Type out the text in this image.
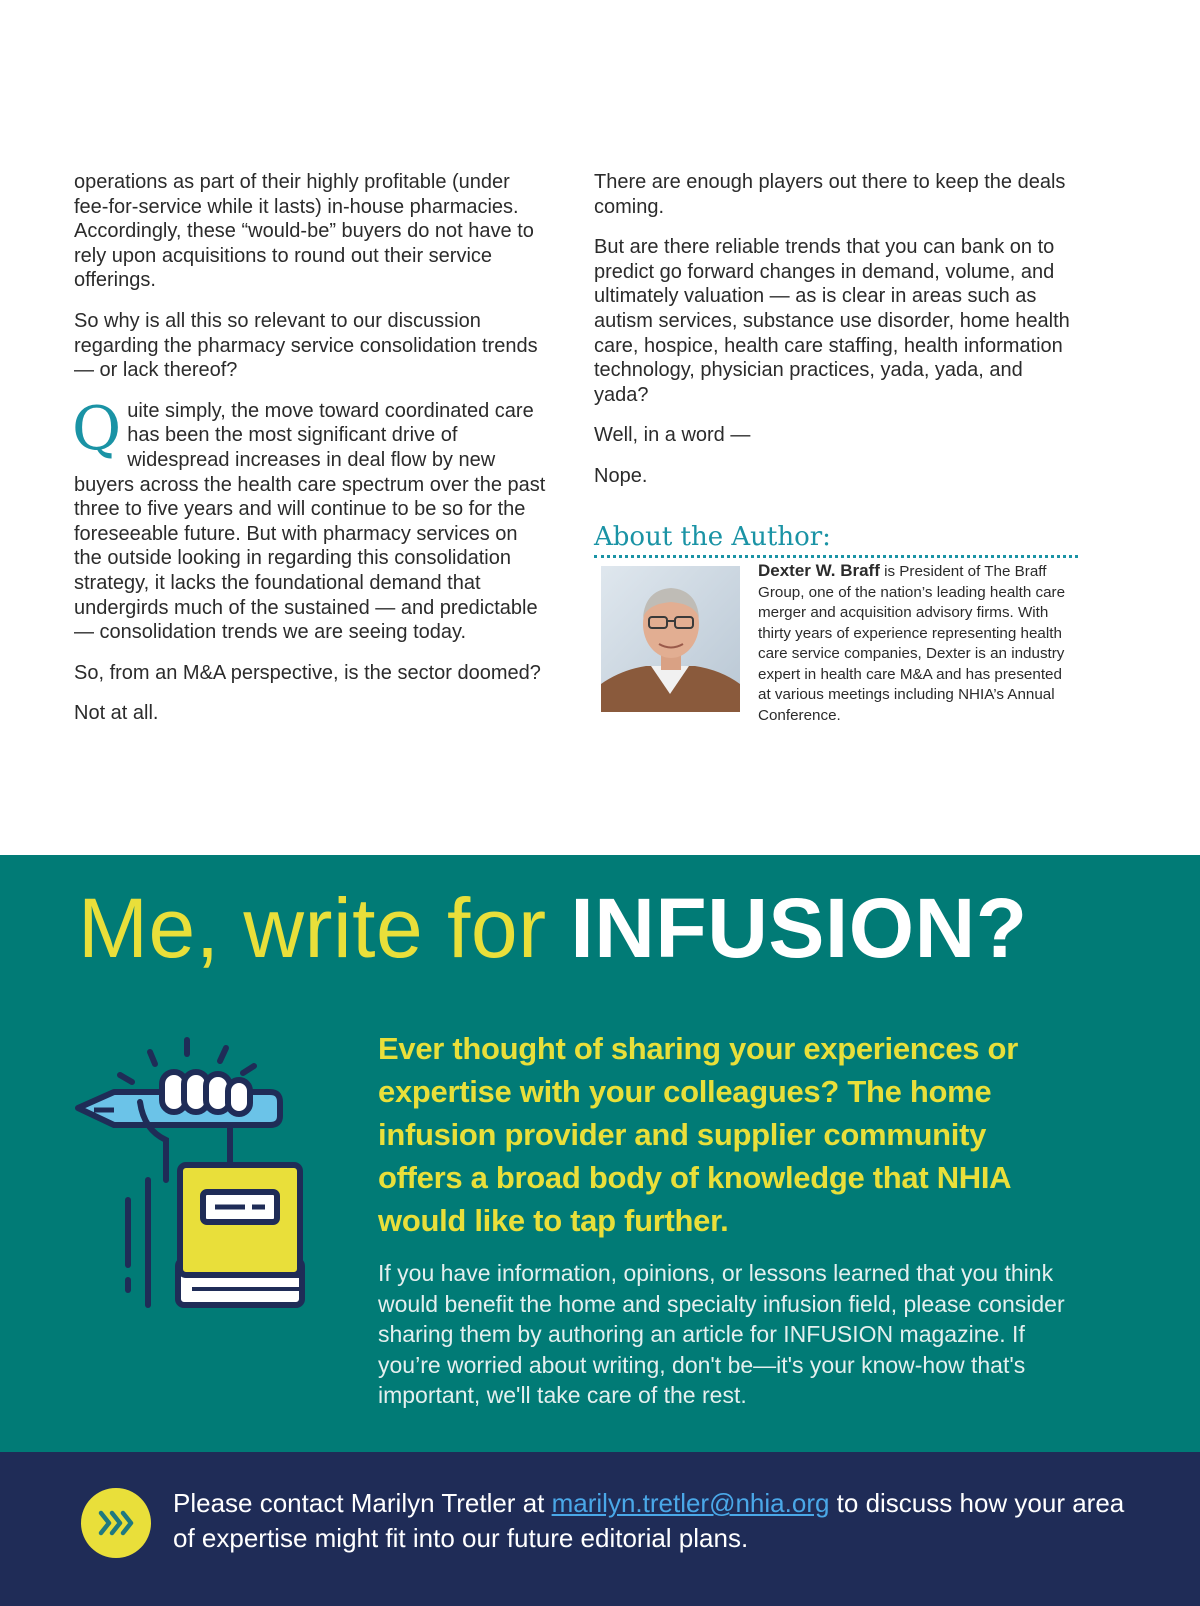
operations as part of their highly profitable (under fee-for-service while it lasts) in-house pharmacies. Accordingly, these “would-be” buyers do not have to rely upon acquisitions to round out their service offerings.

So why is all this so relevant to our discussion regarding the pharmacy service consolidation trends — or lack thereof?

Quite simply, the move toward coordinated care has been the most significant drive of widespread increases in deal flow by new buyers across the health care spectrum over the past three to five years and will continue to be so for the foreseeable future. But with pharmacy services on the outside looking in regarding this consolidation strategy, it lacks the foundational demand that undergirds much of the sustained — and predictable — consolidation trends we are seeing today.

So, from an M&A perspective, is the sector doomed?

Not at all.

There are enough players out there to keep the deals coming.

But are there reliable trends that you can bank on to predict go forward changes in demand, volume, and ultimately valuation — as is clear in areas such as autism services, substance use disorder, home health care, hospice, health care staffing, health information technology, physician practices, yada, yada, and yada?

Well, in a word —

Nope.

About the Author:
Dexter W. Braff is President of The Braff Group, one of the nation’s leading health care merger and acquisition advisory firms. With thirty years of experience representing health care service companies, Dexter is an industry expert in health care M&A and has presented at various meetings including NHIA’s Annual Conference.
Me, write for INFUSION?
Ever thought of sharing your experiences or expertise with your colleagues? The home infusion provider and supplier community offers a broad body of knowledge that NHIA would like to tap further.
If you have information, opinions, or lessons learned that you think would benefit the home and specialty infusion field, please consider sharing them by authoring an article for INFUSION magazine. If you’re worried about writing, don't be—it's your know-how that's important, we'll take care of the rest.
Please contact Marilyn Tretler at marilyn.tretler@nhia.org to discuss how your area of expertise might fit into our future editorial plans.
